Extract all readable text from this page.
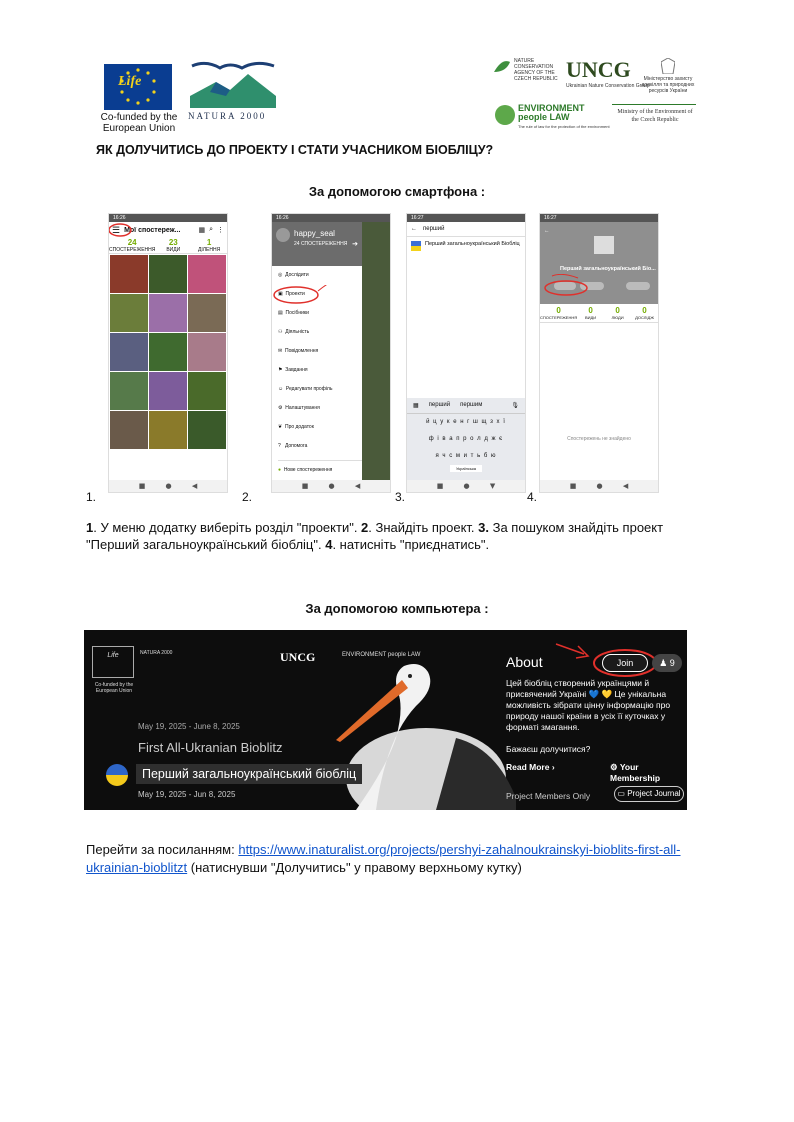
Life
Co-funded by the European Union
NATURA 2000
NATURE CONSERVATION AGENCY OF THE CZECH REPUBLIC UNCG
Ukrainian Nature Conservation Group
Міністерство захисту довкілля та природних ресурсів України
ENVIRONMENT people LAW
The rule of law for the protection of the environment
Ministry of the Environment of the Czech Republic
ЯК ДОЛУЧИТИСЬ ДО ПРОЕКТУ І СТАТИ УЧАСНИКОМ БІОБЛІЦУ?
За допомогою смартфона :
16:26
☰ Мої спостереж...	▦ ⌕ ⋮
24
СПОСТЕРЕЖЕННЯ
23
ВИДИ
1
ДІЛЕННЯ
■ ● ◀
16:26
happy_seal
24 СПОСТЕРЕЖЕННЯ ➔
◎  Дослідити
▣  Проекти
▤  Посібники
⚇  Діяльність
✉  Повідомлення
⚑  Завдання
☺  Редагувати профіль
⚙  Налаштування
❦  Про додаток
?   Допомога
● Нове спостереження
■ ● ◀
16:27
← перший
Перший загальноукраїнський Біобліц
▦ перший першим	🎙
й ц у к е н г ш щ з х ї
ф і в а п р о л д ж є
я ч с м и т ь б ю
Українська
■ ● ▼
16:27
←
Перший загальноукраїнський Біо...
0
СПОСТЕРЕЖЕННЯ
0
ВИДИ
0
ЛЮДИ
0
ДОСЛІДЖ
Спостережень не знайдено
■ ● ◀
1.	2.	3.	4.
1. У меню додатку виберіть розділ "проекти". 2. Знайдіть проект. 3. За пошуком знайдіть проект "Перший загальноукраїнський біобліц". 4. натисніть "приєднатись".
За допомогою компьютера :
Life
Co-funded by the European Union
NATURA 2000	UNCG	ENVIRONMENT people LAW
May 19, 2025 - June 8, 2025
First All-Ukranian Bioblitz
Перший загальноукраїнський біобліц
May 19, 2025 - Jun 8, 2025
About	Join	♟ 9
Цей біобліц створений українцями й присвячений Україні 💙 💛 Це унікальна можливість зібрати цінну інформацію про природу нашої країни в усіх її куточках у форматі змагання.
Бажаєш долучитися?
Read More ›	⚙ Your Membership
Project Members Only	▭ Project Journal
Перейти за посиланням: https://www.inaturalist.org/projects/pershyi-zahalnoukrainskyi-bioblits-first-all-ukrainian-bioblitzt (натиснувши "Долучитись" у правому верхньому кутку)
